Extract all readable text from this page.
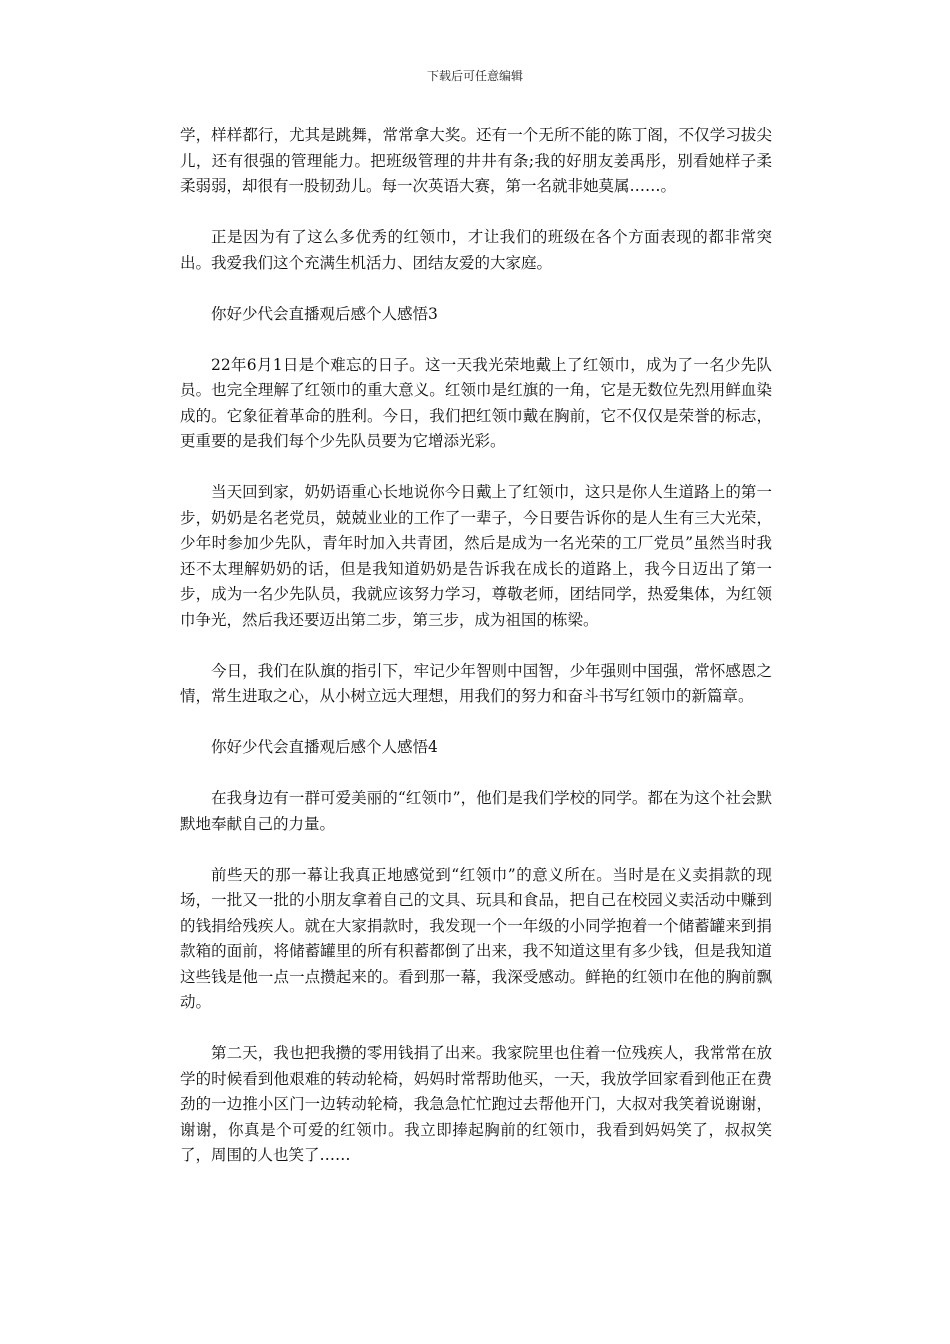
下载后可任意编辑

学，样样都行，尤其是跳舞，常常拿大奖。还有一个无所不能的陈丁阁，不仅学习拔尖儿，还有很强的管理能力。把班级管理的井井有条;我的好朋友姜禹彤，别看她样子柔柔弱弱，却很有一股韧劲儿。每一次英语大赛，第一名就非她莫属……。

正是因为有了这么多优秀的红领巾，才让我们的班级在各个方面表现的都非常突出。我爱我们这个充满生机活力、团结友爱的大家庭。

你好少代会直播观后感个人感悟3

22年6月1日是个难忘的日子。这一天我光荣地戴上了红领巾，成为了一名少先队员。也完全理解了红领巾的重大意义。红领巾是红旗的一角，它是无数位先烈用鲜血染成的。它象征着革命的胜利。今日，我们把红领巾戴在胸前，它不仅仅是荣誉的标志，更重要的是我们每个少先队员要为它增添光彩。

当天回到家，奶奶语重心长地说你今日戴上了红领巾，这只是你人生道路上的第一步，奶奶是名老党员，兢兢业业的工作了一辈子，今日要告诉你的是人生有三大光荣，少年时参加少先队，青年时加入共青团，然后是成为一名光荣的工厂党员”虽然当时我还不太理解奶奶的话，但是我知道奶奶是告诉我在成长的道路上，我今日迈出了第一步，成为一名少先队员，我就应该努力学习，尊敬老师，团结同学，热爱集体，为红领巾争光，然后我还要迈出第二步，第三步，成为祖国的栋梁。

今日，我们在队旗的指引下，牢记少年智则中国智，少年强则中国强，常怀感恩之情，常生进取之心，从小树立远大理想，用我们的努力和奋斗书写红领巾的新篇章。

你好少代会直播观后感个人感悟4

在我身边有一群可爱美丽的“红领巾”，他们是我们学校的同学。都在为这个社会默默地奉献自己的力量。

前些天的那一幕让我真正地感觉到“红领巾”的意义所在。当时是在义卖捐款的现场，一批又一批的小朋友拿着自己的文具、玩具和食品，把自己在校园义卖活动中赚到的钱捐给残疾人。就在大家捐款时，我发现一个一年级的小同学抱着一个储蓄罐来到捐款箱的面前，将储蓄罐里的所有积蓄都倒了出来，我不知道这里有多少钱，但是我知道这些钱是他一点一点攒起来的。看到那一幕，我深受感动。鲜艳的红领巾在他的胸前飘动。

第二天，我也把我攒的零用钱捐了出来。我家院里也住着一位残疾人，我常常在放学的时候看到他艰难的转动轮椅，妈妈时常帮助他买，一天，我放学回家看到他正在费劲的一边推小区门一边转动轮椅，我急急忙忙跑过去帮他开门，大叔对我笑着说谢谢，谢谢，你真是个可爱的红领巾。我立即捧起胸前的红领巾，我看到妈妈笑了，叔叔笑了，周围的人也笑了……
